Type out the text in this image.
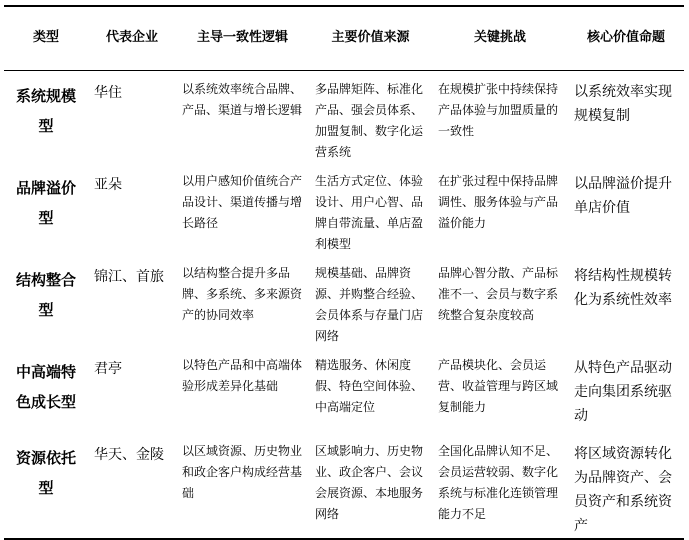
类型	代表企业	主导一致性逻辑	主要价值来源	关键挑战	核心价值命题
系统规模型	华住	以系统效率统合品牌、产品、渠道与增长逻辑	多品牌矩阵、标准化产品、强会员体系、加盟复制、数字化运营系统	在规模扩张中持续保持产品体验与加盟质量的一致性	以系统效率实现规模复制
品牌溢价型	亚朵	以用户感知价值统合产品设计、渠道传播与增长路径	生活方式定位、体验设计、用户心智、品牌自带流量、单店盈利模型	在扩张过程中保持品牌调性、服务体验与产品溢价能力	以品牌溢价提升单店价值
结构整合型	锦江、首旅	以结构整合提升多品牌、多系统、多来源资产的协同效率	规模基础、品牌资源、并购整合经验、会员体系与存量门店网络	品牌心智分散、产品标准不一、会员与数字系统整合复杂度较高	将结构性规模转化为系统性效率
中高端特色成长型	君亭	以特色产品和中高端体验形成差异化基础	精选服务、休闲度假、特色空间体验、中高端定位	产品模块化、会员运营、收益管理与跨区域复制能力	从特色产品驱动走向集团系统驱动
资源依托型	华天、金陵	以区域资源、历史物业和政企客户构成经营基础	区域影响力、历史物业、政企客户、会议会展资源、本地服务网络	全国化品牌认知不足、会员运营较弱、数字化系统与标准化连锁管理能力不足	将区域资源转化为品牌资产、会员资产和系统资产
